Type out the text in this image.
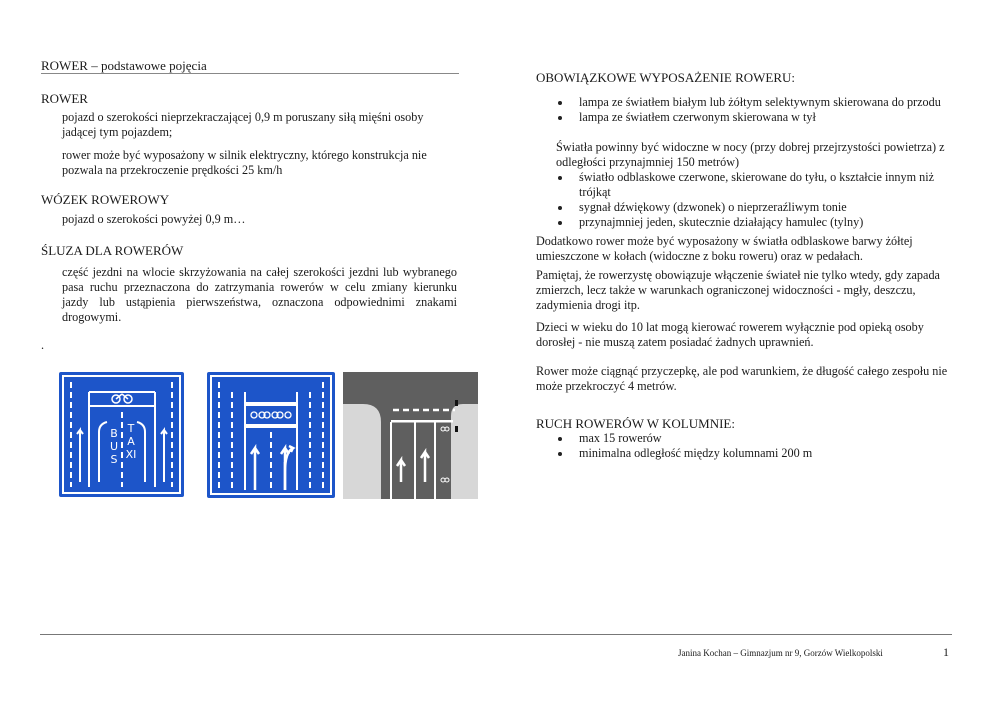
ROWER – podstawowe pojęcia
ROWER
pojazd o szerokości nieprzekraczającej 0,9 m poruszany siłą mięśni osoby jadącej tym pojazdem;
rower może być wyposażony w silnik elektryczny, którego konstrukcja nie pozwala na przekroczenie prędkości 25 km/h
WÓZEK ROWEROWY
pojazd o szerokości powyżej 0,9 m…
ŚLUZA DLA ROWERÓW
część jezdni na wlocie skrzyżowania na całej szerokości jezdni lub wybranego pasa ruchu przeznaczona do zatrzymania rowerów w celu zmiany kierunku jazdy lub ustąpienia pierwszeństwa, oznaczona odpowiednimi znakami drogowymi.
.
BUS
TAXI
OBOWIĄZKOWE WYPOSAŻENIE ROWERU:
lampa ze światłem białym lub żółtym selektywnym skierowana do przodu
lampa ze światłem czerwonym skierowana w tył
Światła powinny być widoczne w nocy (przy dobrej przejrzystości powietrza) z odległości przynajmniej 150 metrów)
światło odblaskowe czerwone, skierowane do tyłu, o kształcie innym niż trójkąt
sygnał dźwiękowy (dzwonek) o nieprzeraźliwym tonie
przynajmniej jeden, skutecznie działający hamulec (tylny)
Dodatkowo rower może być wyposażony w światła odblaskowe barwy żółtej umieszczone w kołach (widoczne z boku roweru) oraz w pedałach.
Pamiętaj, że rowerzystę obowiązuje włączenie świateł nie tylko wtedy, gdy zapada zmierzch, lecz także w warunkach ograniczonej widoczności - mgły, deszczu, zadymienia drogi itp.
Dzieci w wieku do 10 lat mogą kierować rowerem wyłącznie pod opieką osoby dorosłej - nie muszą zatem posiadać żadnych uprawnień.
Rower może ciągnąć przyczepkę, ale pod warunkiem, że długość całego zespołu nie może przekroczyć 4 metrów.
RUCH ROWERÓW W KOLUMNIE:
max 15 rowerów
minimalna odległość między kolumnami 200 m
Janina Kochan – Gimnazjum nr 9, Gorzów Wielkopolski	1
